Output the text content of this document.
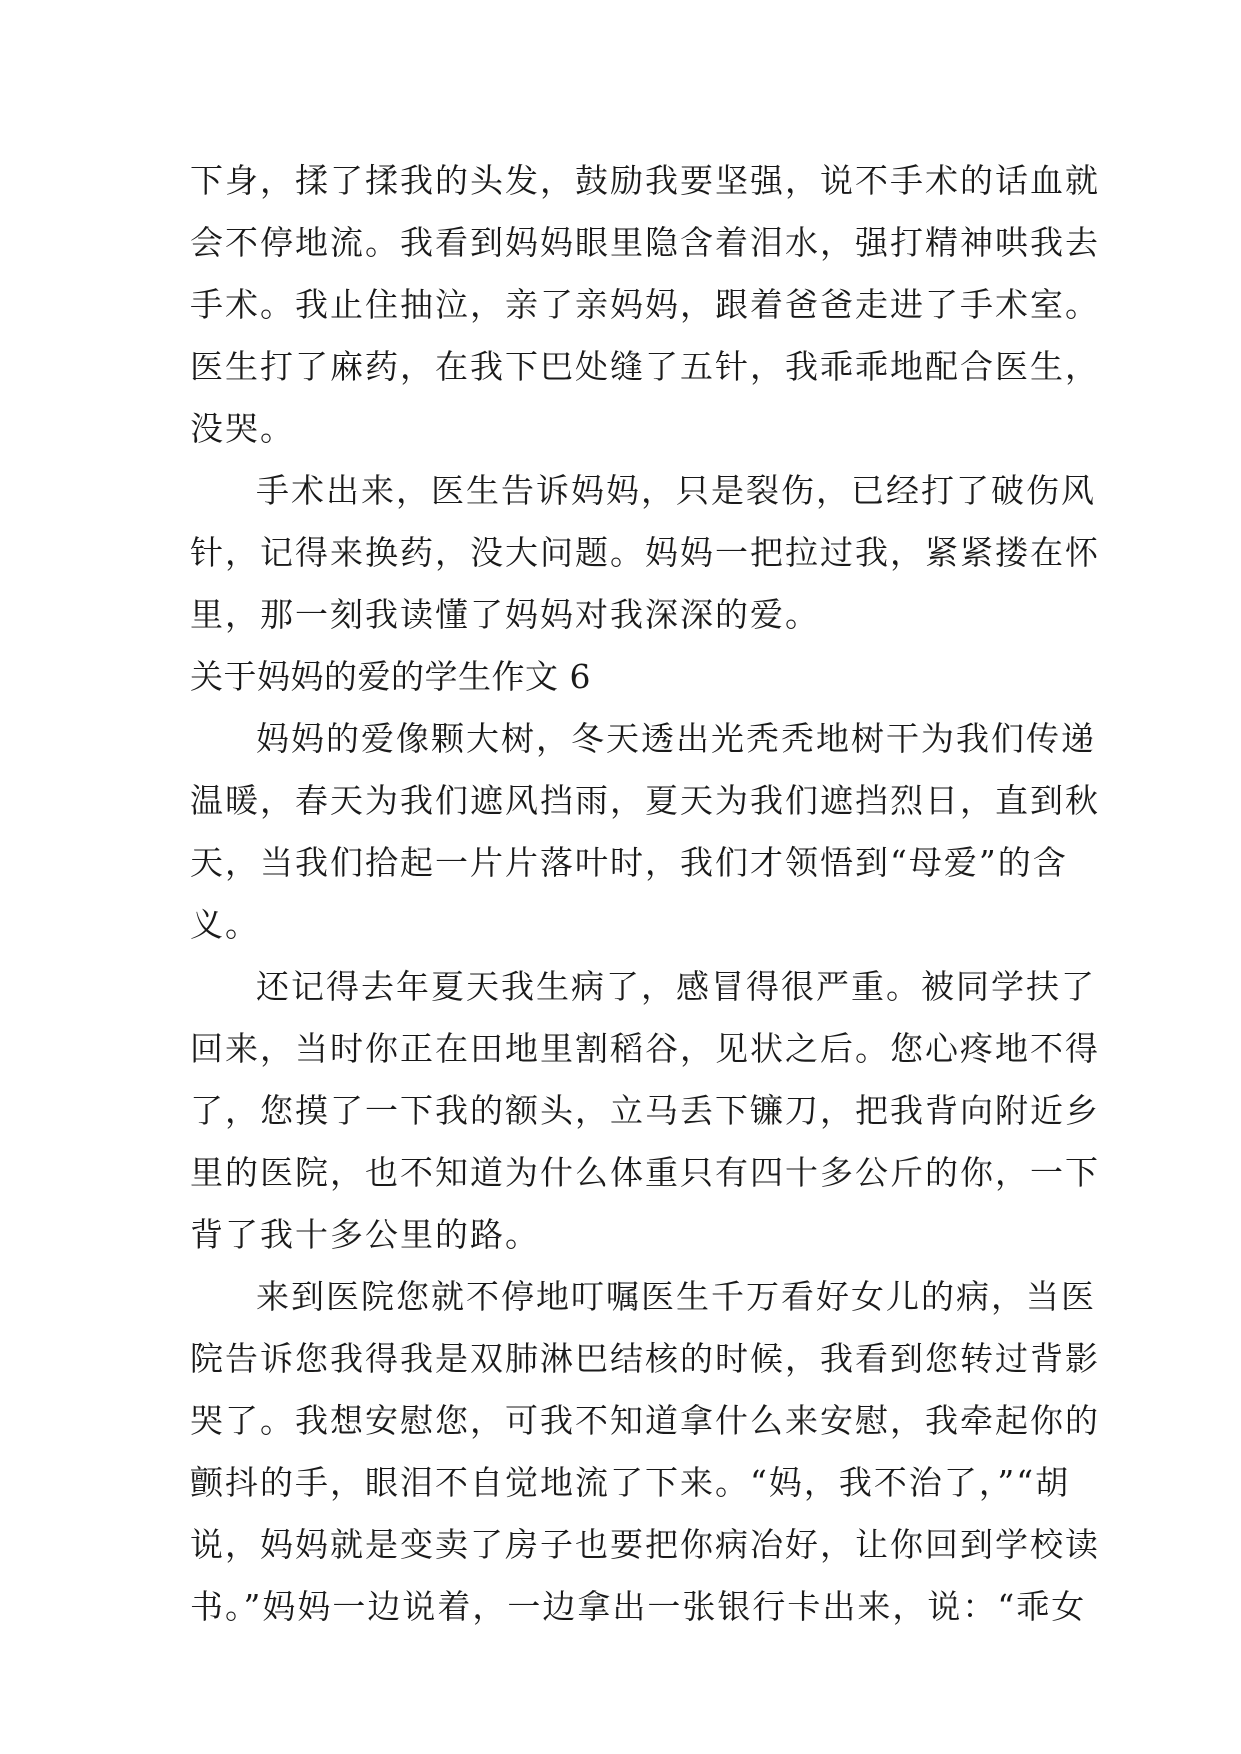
下身，揉了揉我的头发，鼓励我要坚强，说不手术的话血就
会不停地流。我看到妈妈眼里隐含着泪水，强打精神哄我去
手术。我止住抽泣，亲了亲妈妈，跟着爸爸走进了手术室。
医生打了麻药，在我下巴处缝了五针，我乖乖地配合医生，
没哭。
手术出来，医生告诉妈妈，只是裂伤，已经打了破伤风
针，记得来换药，没大问题。妈妈一把拉过我，紧紧搂在怀
里，那一刻我读懂了妈妈对我深深的爱。
关于妈妈的爱的学生作文 6
妈妈的爱像颗大树，冬天透出光秃秃地树干为我们传递
温暖，春天为我们遮风挡雨，夏天为我们遮挡烈日，直到秋
天，当我们拾起一片片落叶时，我们才领悟到“母爱”的含
义。
还记得去年夏天我生病了，感冒得很严重。被同学扶了
回来，当时你正在田地里割稻谷，见状之后。您心疼地不得
了，您摸了一下我的额头，立马丢下镰刀，把我背向附近乡
里的医院，也不知道为什么体重只有四十多公斤的你，一下
背了我十多公里的路。
来到医院您就不停地叮嘱医生千万看好女儿的病，当医
院告诉您我得我是双肺淋巴结核的时候，我看到您转过背影
哭了。我想安慰您，可我不知道拿什么来安慰，我牵起你的
颤抖的手，眼泪不自觉地流了下来。“妈，我不治了，”“胡
说，妈妈就是变卖了房子也要把你病冶好，让你回到学校读
书。”妈妈一边说着，一边拿出一张银行卡出来，说：“乖女
